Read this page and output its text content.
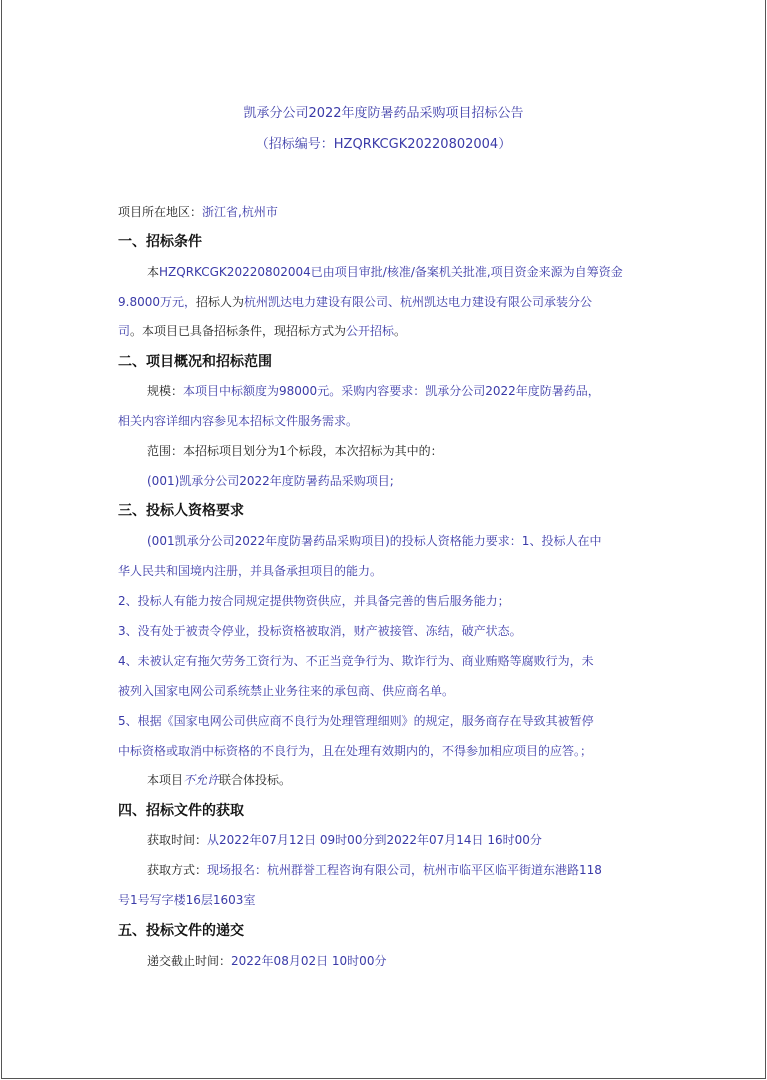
凯承分公司2022年度防暑药品采购项目招标公告
（招标编号：HZQRKCGK20220802004）
项目所在地区：浙江省,杭州市
一、招标条件
本HZQRKCGK20220802004已由项目审批/核准/备案机关批准,项目资金来源为自筹资金
9.8000万元，招标人为杭州凯达电力建设有限公司、杭州凯达电力建设有限公司承装分公
司。本项目已具备招标条件，现招标方式为公开招标。
二、项目概况和招标范围
规模：本项目中标额度为98000元。采购内容要求：凯承分公司2022年度防暑药品，
相关内容详细内容参见本招标文件服务需求。
范围：本招标项目划分为1个标段，本次招标为其中的：
(001)凯承分公司2022年度防暑药品采购项目;
三、投标人资格要求
(001凯承分公司2022年度防暑药品采购项目)的投标人资格能力要求：1、投标人在中
华人民共和国境内注册，并具备承担项目的能力。
2、投标人有能力按合同规定提供物资供应，并具备完善的售后服务能力；
3、没有处于被责令停业，投标资格被取消，财产被接管、冻结，破产状态。
4、未被认定有拖欠劳务工资行为、不正当竞争行为、欺诈行为、商业贿赂等腐败行为，未
被列入国家电网公司系统禁止业务往来的承包商、供应商名单。
5、根据《国家电网公司供应商不良行为处理管理细则》的规定，服务商存在导致其被暂停
中标资格或取消中标资格的不良行为，且在处理有效期内的，不得参加相应项目的应答。；
本项目不允许联合体投标。
四、招标文件的获取
获取时间：从2022年07月12日 09时00分到2022年07月14日 16时00分
获取方式：现场报名：杭州群誉工程咨询有限公司，杭州市临平区临平街道东港路118
号1号写字楼16层1603室
五、投标文件的递交
递交截止时间：2022年08月02日 10时00分
